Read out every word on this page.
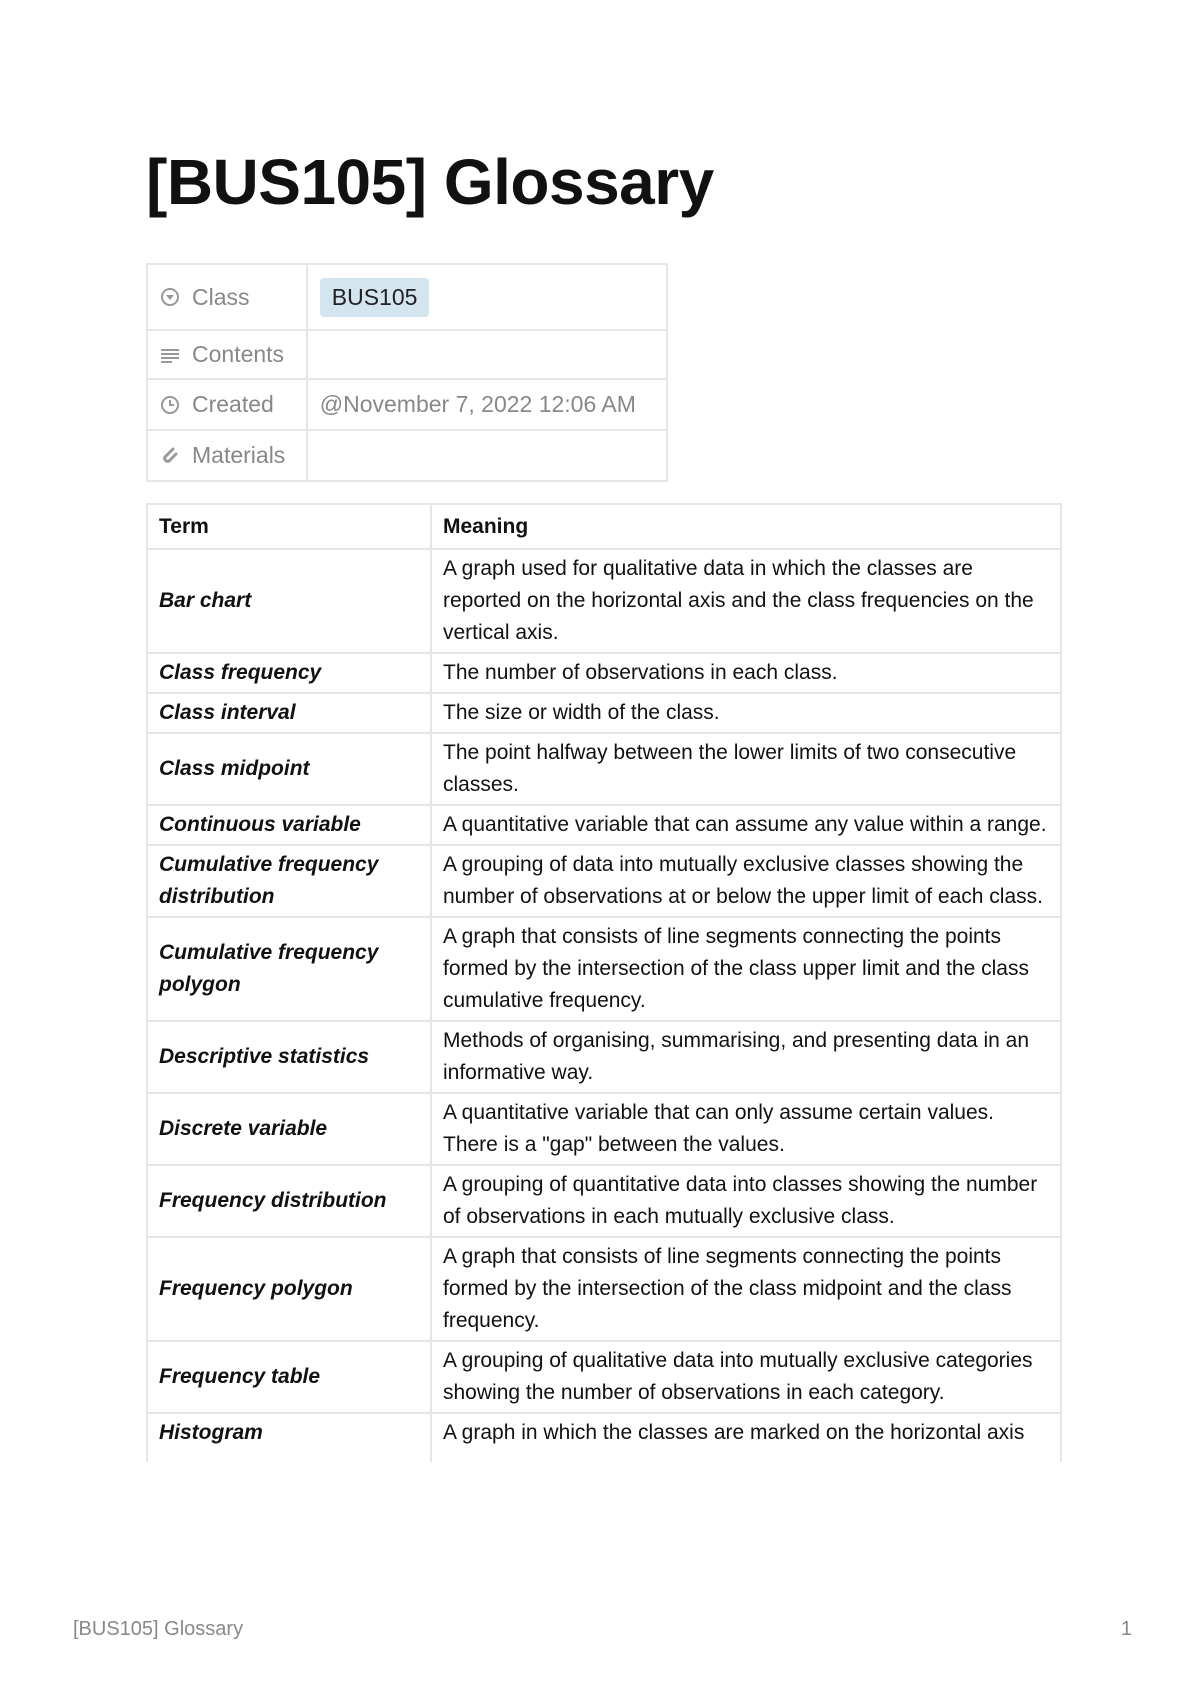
[BUS105] Glossary
Class	BUS105

Contents	

Created	@November 7, 2022 12:06 AM

Materials	

Term	Meaning
Bar chart	A graph used for qualitative data in which the classes are reported on the horizontal axis and the class frequencies on the vertical axis.
Class frequency	The number of observations in each class.
Class interval	The size or width of the class.
Class midpoint	The point halfway between the lower limits of two consecutive classes.
Continuous variable	A quantitative variable that can assume any value within a range.
Cumulative frequency distribution	A grouping of data into mutually exclusive classes showing the number of observations at or below the upper limit of each class.
Cumulative frequency polygon	A graph that consists of line segments connecting the points formed by the intersection of the class upper limit and the class cumulative frequency.
Descriptive statistics	Methods of organising, summarising, and presenting data in an informative way.
Discrete variable	A quantitative variable that can only assume certain values. There is a "gap" between the values.
Frequency distribution	A grouping of quantitative data into classes showing the number of observations in each mutually exclusive class.
Frequency polygon	A graph that consists of line segments connecting the points formed by the intersection of the class midpoint and the class frequency.
Frequency table	A grouping of qualitative data into mutually exclusive categories showing the number of observations in each category.
Histogram	A graph in which the classes are marked on the horizontal axis
[BUS105] Glossary	1
